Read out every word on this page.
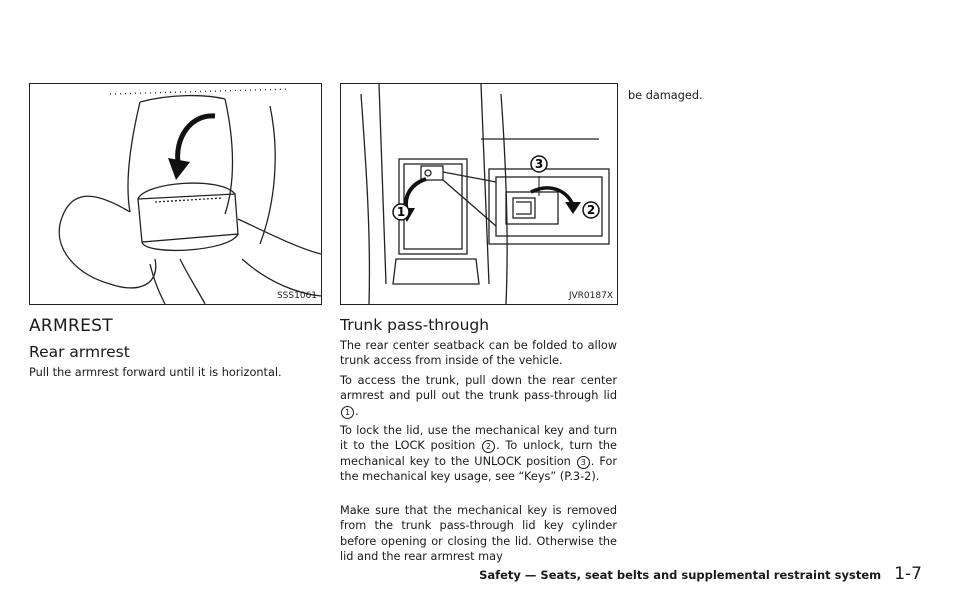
SSS1061
1	2
3
JVR0187X
ARMREST
Rear armrest

Pull the armrest forward until it is horizontal.

Trunk pass-through

The rear center seatback can be folded to allow trunk access from inside of the vehicle.

To access the trunk, pull down the rear center armrest and pull out the trunk pass-through lid 1 .

To lock the lid, use the mechanical key and turn it to the LOCK position 2 . To unlock, turn the mechanical key to the UNLOCK position 3 . For the mechanical key usage, see “Keys” (P.3-2).

Make sure that the mechanical key is removed from the trunk pass-through lid key cylinder before opening or closing the lid. Otherwise the lid and the rear armrest may

be damaged.

Safety — Seats, seat belts and supplemental restraint system 1-7
